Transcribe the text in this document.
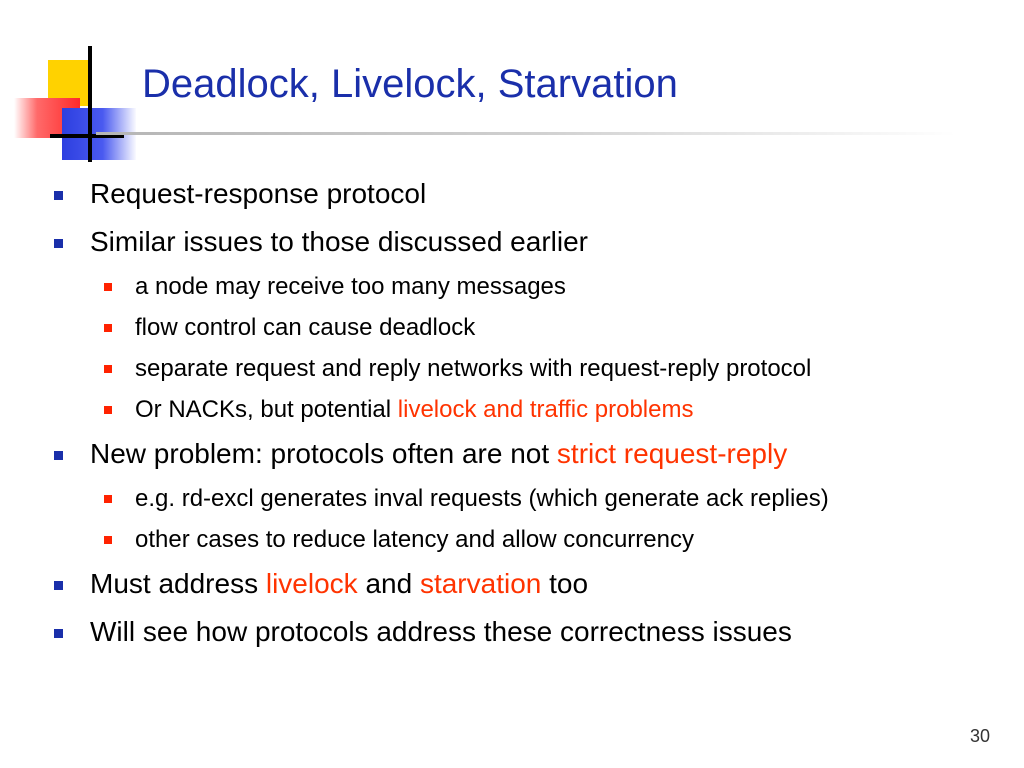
Deadlock, Livelock, Starvation
Request-response protocol
Similar issues to those discussed earlier
a node may receive too many messages
flow control can cause deadlock
separate request and reply networks with request-reply protocol
Or NACKs, but potential livelock and traffic problems
New problem: protocols often are not strict request-reply
e.g. rd-excl generates inval requests (which generate ack replies)
other cases to reduce latency and allow concurrency
Must address livelock and starvation too
Will see how protocols address these correctness issues
30
